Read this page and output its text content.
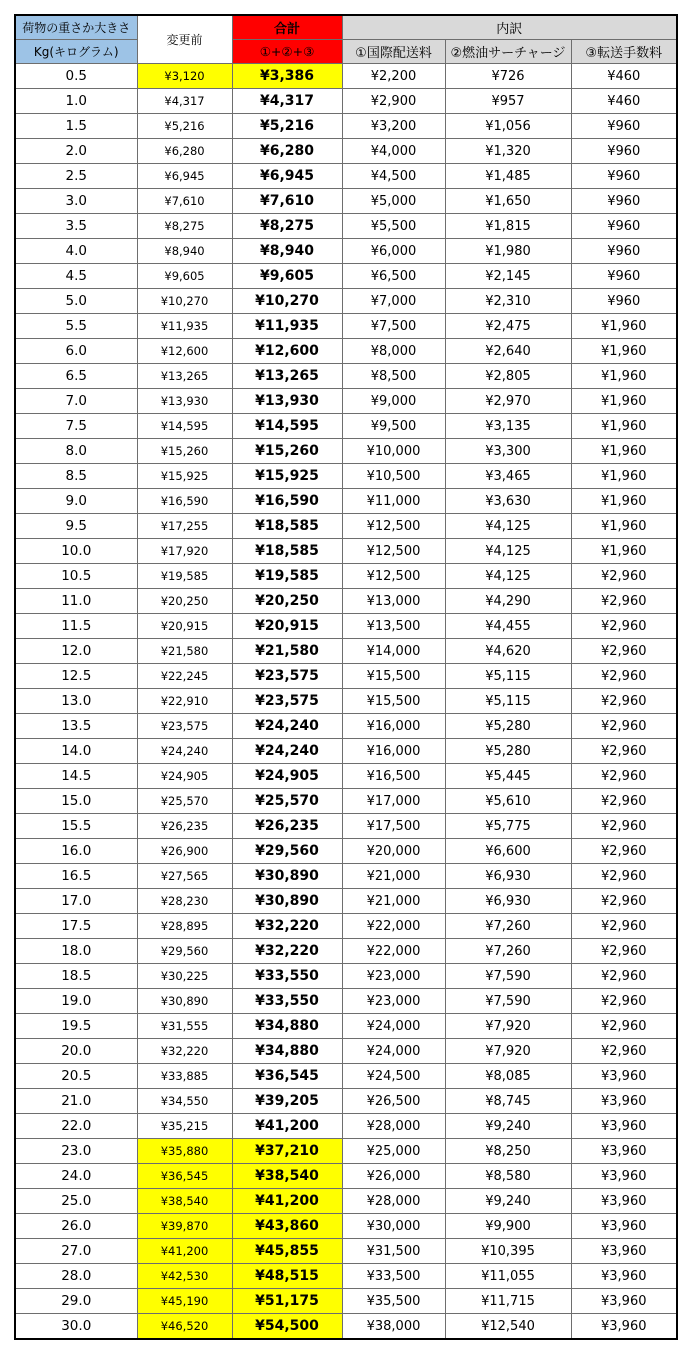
荷物の重さか大きさ	変更前	合計	内訳		
Kg(キログラム)		①+②+③	①国際配送料	②燃油サーチャージ	③転送手数料
0.5	¥3,120	¥3,386	¥2,200	¥726	¥460
1.0	¥4,317	¥4,317	¥2,900	¥957	¥460
1.5	¥5,216	¥5,216	¥3,200	¥1,056	¥960
2.0	¥6,280	¥6,280	¥4,000	¥1,320	¥960
2.5	¥6,945	¥6,945	¥4,500	¥1,485	¥960
3.0	¥7,610	¥7,610	¥5,000	¥1,650	¥960
3.5	¥8,275	¥8,275	¥5,500	¥1,815	¥960
4.0	¥8,940	¥8,940	¥6,000	¥1,980	¥960
4.5	¥9,605	¥9,605	¥6,500	¥2,145	¥960
5.0	¥10,270	¥10,270	¥7,000	¥2,310	¥960
5.5	¥11,935	¥11,935	¥7,500	¥2,475	¥1,960
6.0	¥12,600	¥12,600	¥8,000	¥2,640	¥1,960
6.5	¥13,265	¥13,265	¥8,500	¥2,805	¥1,960
7.0	¥13,930	¥13,930	¥9,000	¥2,970	¥1,960
7.5	¥14,595	¥14,595	¥9,500	¥3,135	¥1,960
8.0	¥15,260	¥15,260	¥10,000	¥3,300	¥1,960
8.5	¥15,925	¥15,925	¥10,500	¥3,465	¥1,960
9.0	¥16,590	¥16,590	¥11,000	¥3,630	¥1,960
9.5	¥17,255	¥18,585	¥12,500	¥4,125	¥1,960
10.0	¥17,920	¥18,585	¥12,500	¥4,125	¥1,960
10.5	¥19,585	¥19,585	¥12,500	¥4,125	¥2,960
11.0	¥20,250	¥20,250	¥13,000	¥4,290	¥2,960
11.5	¥20,915	¥20,915	¥13,500	¥4,455	¥2,960
12.0	¥21,580	¥21,580	¥14,000	¥4,620	¥2,960
12.5	¥22,245	¥23,575	¥15,500	¥5,115	¥2,960
13.0	¥22,910	¥23,575	¥15,500	¥5,115	¥2,960
13.5	¥23,575	¥24,240	¥16,000	¥5,280	¥2,960
14.0	¥24,240	¥24,240	¥16,000	¥5,280	¥2,960
14.5	¥24,905	¥24,905	¥16,500	¥5,445	¥2,960
15.0	¥25,570	¥25,570	¥17,000	¥5,610	¥2,960
15.5	¥26,235	¥26,235	¥17,500	¥5,775	¥2,960
16.0	¥26,900	¥29,560	¥20,000	¥6,600	¥2,960
16.5	¥27,565	¥30,890	¥21,000	¥6,930	¥2,960
17.0	¥28,230	¥30,890	¥21,000	¥6,930	¥2,960
17.5	¥28,895	¥32,220	¥22,000	¥7,260	¥2,960
18.0	¥29,560	¥32,220	¥22,000	¥7,260	¥2,960
18.5	¥30,225	¥33,550	¥23,000	¥7,590	¥2,960
19.0	¥30,890	¥33,550	¥23,000	¥7,590	¥2,960
19.5	¥31,555	¥34,880	¥24,000	¥7,920	¥2,960
20.0	¥32,220	¥34,880	¥24,000	¥7,920	¥2,960
20.5	¥33,885	¥36,545	¥24,500	¥8,085	¥3,960
21.0	¥34,550	¥39,205	¥26,500	¥8,745	¥3,960
22.0	¥35,215	¥41,200	¥28,000	¥9,240	¥3,960
23.0	¥35,880	¥37,210	¥25,000	¥8,250	¥3,960
24.0	¥36,545	¥38,540	¥26,000	¥8,580	¥3,960
25.0	¥38,540	¥41,200	¥28,000	¥9,240	¥3,960
26.0	¥39,870	¥43,860	¥30,000	¥9,900	¥3,960
27.0	¥41,200	¥45,855	¥31,500	¥10,395	¥3,960
28.0	¥42,530	¥48,515	¥33,500	¥11,055	¥3,960
29.0	¥45,190	¥51,175	¥35,500	¥11,715	¥3,960
30.0	¥46,520	¥54,500	¥38,000	¥12,540	¥3,960
